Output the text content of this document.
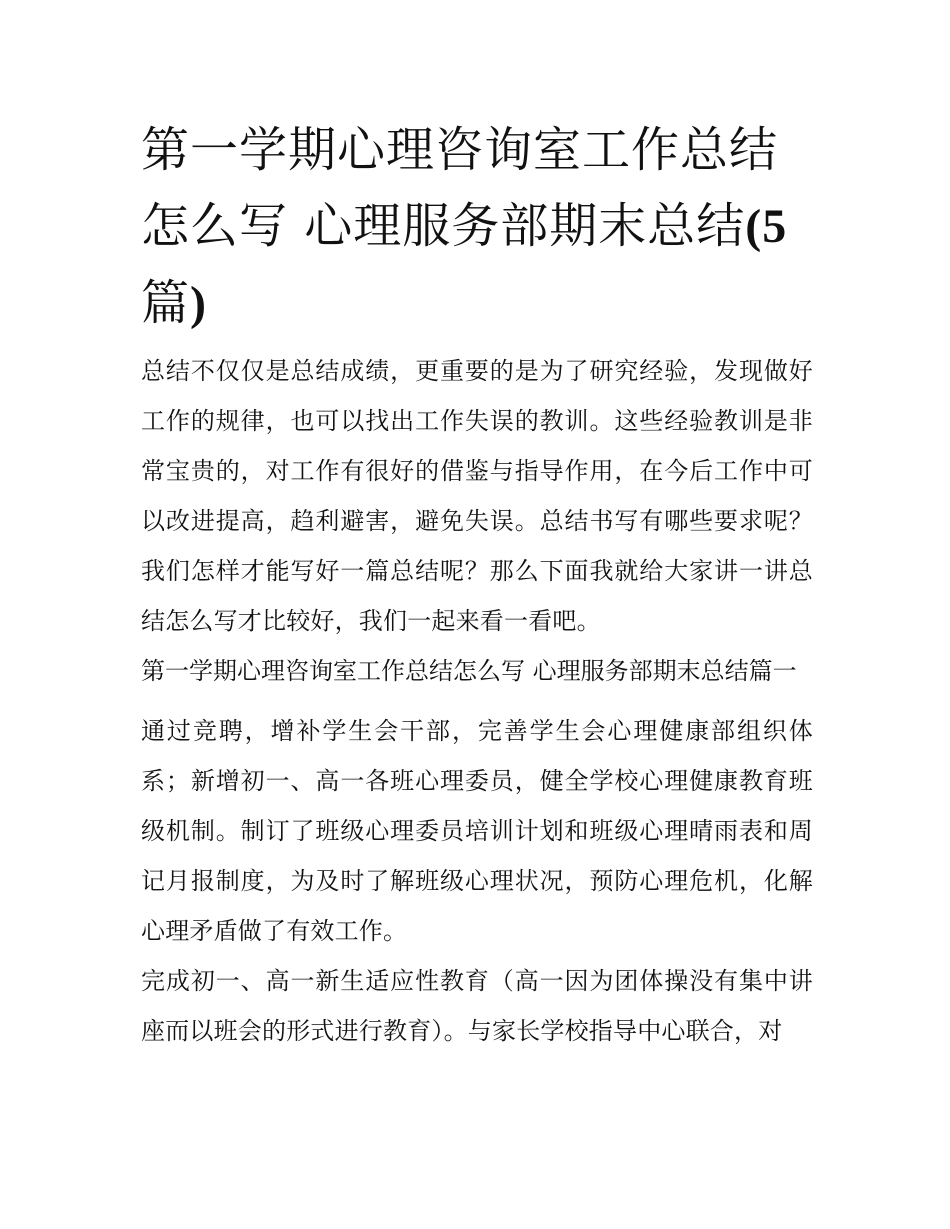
第一学期心理咨询室工作总结怎么写 心理服务部期末总结(5
篇)

总结不仅仅是总结成绩，更重要的是为了研究经验，发现做好工作的规律，也可以找出工作失误的教训。这些经验教训是非常宝贵的，对工作有很好的借鉴与指导作用，在今后工作中可以改进提高，趋利避害，避免失误。总结书写有哪些要求呢？我们怎样才能写好一篇总结呢？那么下面我就给大家讲一讲总结怎么写才比较好，我们一起来看一看吧。

第一学期心理咨询室工作总结怎么写 心理服务部期末总结篇一

通过竞聘，增补学生会干部，完善学生会心理健康部组织体系；新增初一、高一各班心理委员，健全学校心理健康教育班级机制。制订了班级心理委员培训计划和班级心理晴雨表和周记月报制度，为及时了解班级心理状况，预防心理危机，化解心理矛盾做了有效工作。

完成初一、高一新生适应性教育（高一因为团体操没有集中讲座而以班会的形式进行教育）。与家长学校指导中心联合，对
